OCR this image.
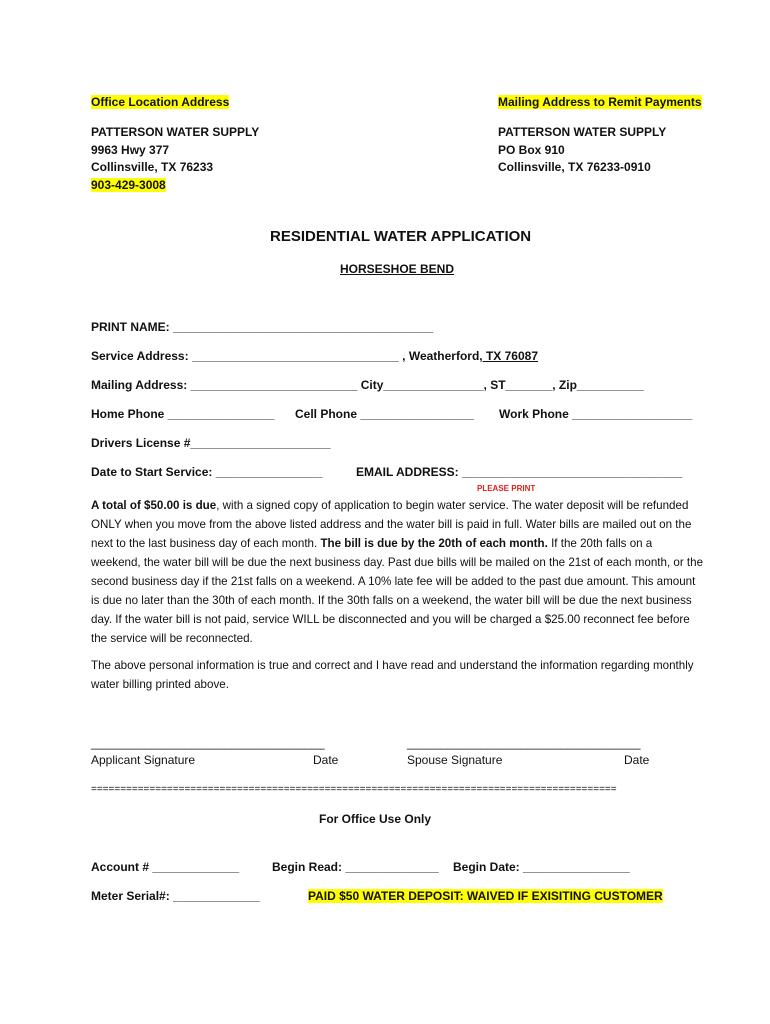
Office Location Address
PATTERSON WATER SUPPLY
9963 Hwy 377
Collinsville, TX 76233
903-429-3008
Mailing Address to Remit Payments
PATTERSON WATER SUPPLY
PO Box 910
Collinsville, TX 76233-0910
RESIDENTIAL WATER APPLICATION
HORSESHOE BEND
PRINT NAME: _______________________________________
Service Address: _______________________________ , Weatherford, TX 76087
Mailing Address: _________________________ City_______________, ST_______, Zip__________
Home Phone ________________ Cell Phone _________________ Work Phone __________________
Drivers License #_____________________
Date to Start Service: ________________	EMAIL ADDRESS: _________________________________
PLEASE PRINT

A total of $50.00 is due, with a signed copy of application to begin water service. The water deposit will be refunded ONLY when you move from the above listed address and the water bill is paid in full. Water bills are mailed out on the next to the last business day of each month. The bill is due by the 20th of each month. If the 20th falls on a weekend, the water bill will be due the next business day. Past due bills will be mailed on the 21st of each month, or the second business day if the 21st falls on a weekend. A 10% late fee will be added to the past due amount. This amount is due no later than the 30th of each month. If the 30th falls on a weekend, the water bill will be due the next business day. If the water bill is not paid, service WILL be disconnected and you will be charged a $25.00 reconnect fee before the service will be reconnected.

The above personal information is true and correct and I have read and understand the information regarding monthly water billing printed above.

___________________________________	___________________________________
Applicant Signature	Date	Spouse Signature	Date
==========================================================================================
For Office Use Only
Account # _____________	Begin Read: ______________ Begin Date: ________________
Meter Serial#: _____________	PAID $50 WATER DEPOSIT: WAIVED IF EXISITING CUSTOMER
